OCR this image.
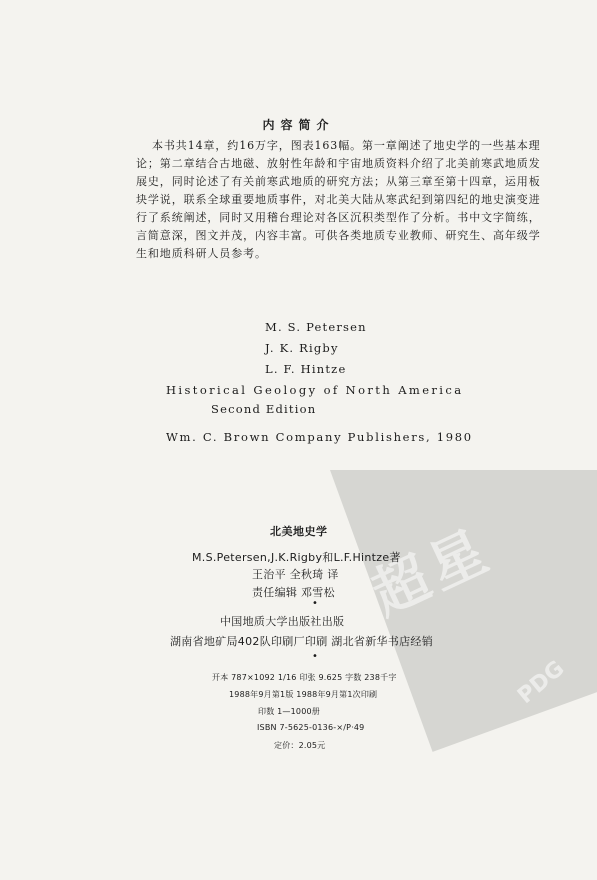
内容简介
本书共14章，约16万字，图表163幅。第一章阐述了地史学的一些基本理
论；第二章结合古地磁、放射性年龄和宇宙地质资料介绍了北美前寒武地质发
展史，同时论述了有关前寒武地质的研究方法；从第三章至第十四章，运用板
块学说，联系全球重要地质事件，对北美大陆从寒武纪到第四纪的地史演变进
行了系统阐述，同时又用稽台理论对各区沉积类型作了分析。书中文字简练，
言简意深，图文并茂，内容丰富。可供各类地质专业教师、研究生、高年级学
生和地质科研人员参考。
M. S. Petersen
J. K. Rigby
L. F. Hintze
Historical Geology of North America
Second Edition
Wm. C. Brown Company Publishers, 1980
超星
PDG
北美地史学
M.S.Petersen,J.K.Rigby和L.F.Hintze著
王治平 全秋琦 译
责任编辑 邓雪松
•
中国地质大学出版社出版
湖南省地矿局402队印刷厂印刷 湖北省新华书店经销
•
开本 787×1092 1/16 印张 9.625 字数 238千字
1988年9月第1版 1988年9月第1次印刷
印数 1—1000册
ISBN 7-5625-0136-×/P·49
定价：2.05元
